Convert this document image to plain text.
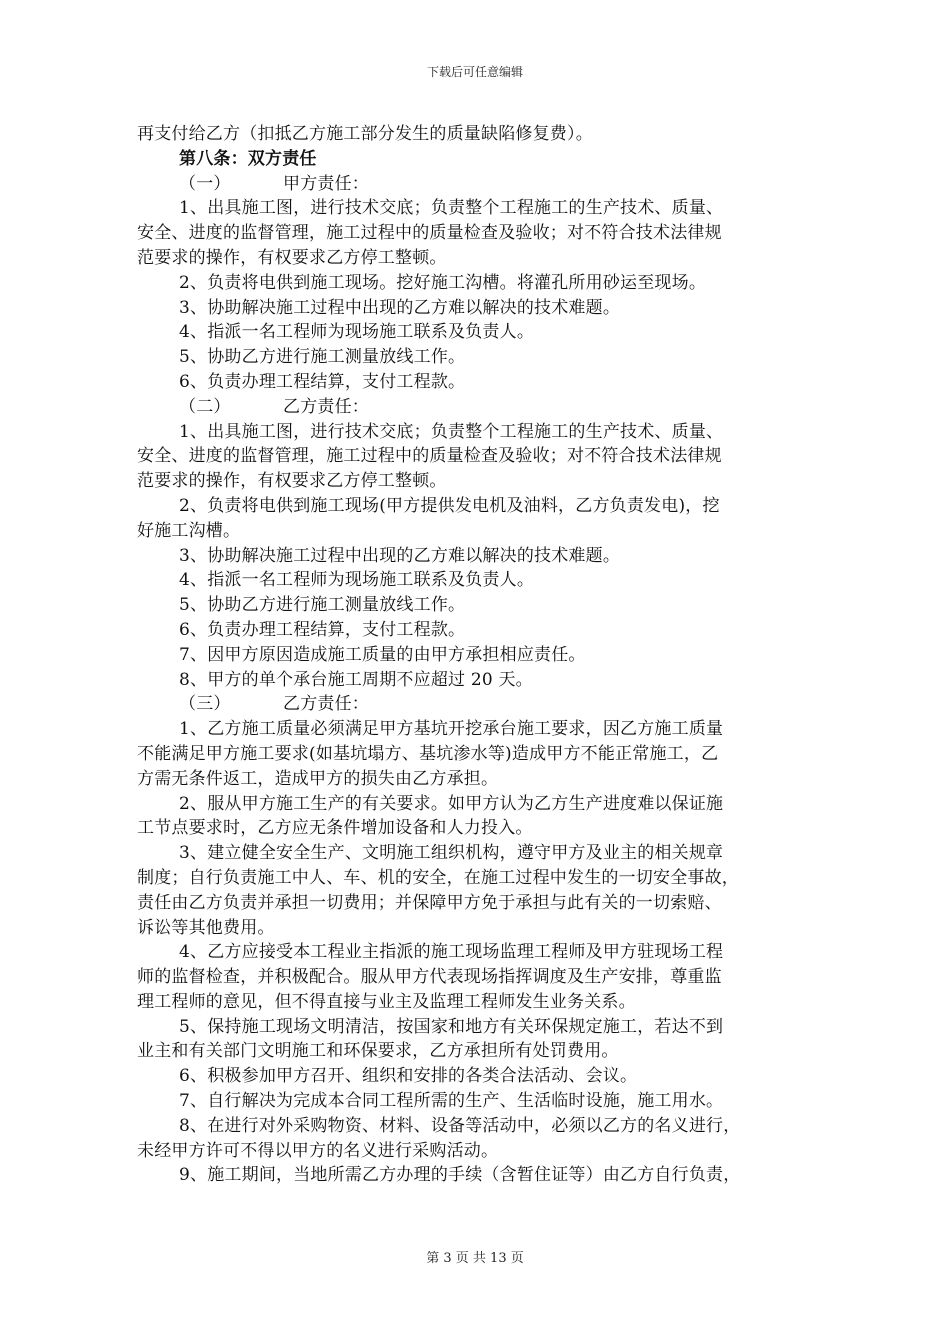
下载后可任意编辑
再支付给乙方（扣抵乙方施工部分发生的质量缺陷修复费）。
第八条：双方责任
（一）	甲方责任：
1、出具施工图，进行技术交底；负责整个工程施工的生产技术、质量、
安全、进度的监督管理，施工过程中的质量检查及验收；对不符合技术法律规
范要求的操作，有权要求乙方停工整顿。
2、负责将电供到施工现场。挖好施工沟槽。将灌孔所用砂运至现场。
3、协助解决施工过程中出现的乙方难以解决的技术难题。
4、指派一名工程师为现场施工联系及负责人。
5、协助乙方进行施工测量放线工作。
6、负责办理工程结算，支付工程款。
（二）	乙方责任：
1、出具施工图，进行技术交底；负责整个工程施工的生产技术、质量、
安全、进度的监督管理，施工过程中的质量检查及验收；对不符合技术法律规
范要求的操作，有权要求乙方停工整顿。
2、负责将电供到施工现场(甲方提供发电机及油料，乙方负责发电)，挖
好施工沟槽。
3、协助解决施工过程中出现的乙方难以解决的技术难题。
4、指派一名工程师为现场施工联系及负责人。
5、协助乙方进行施工测量放线工作。
6、负责办理工程结算，支付工程款。
7、因甲方原因造成施工质量的由甲方承担相应责任。
8、甲方的单个承台施工周期不应超过 20 天。
（三）	乙方责任：
1、乙方施工质量必须满足甲方基坑开挖承台施工要求，因乙方施工质量
不能满足甲方施工要求(如基坑塌方、基坑渗水等)造成甲方不能正常施工，乙
方需无条件返工，造成甲方的损失由乙方承担。
2、服从甲方施工生产的有关要求。如甲方认为乙方生产进度难以保证施
工节点要求时，乙方应无条件增加设备和人力投入。
3、建立健全安全生产、文明施工组织机构，遵守甲方及业主的相关规章
制度；自行负责施工中人、车、机的安全，在施工过程中发生的一切安全事故，
责任由乙方负责并承担一切费用；并保障甲方免于承担与此有关的一切索赔、
诉讼等其他费用。
4、乙方应接受本工程业主指派的施工现场监理工程师及甲方驻现场工程
师的监督检查，并积极配合。服从甲方代表现场指挥调度及生产安排，尊重监
理工程师的意见，但不得直接与业主及监理工程师发生业务关系。
5、保持施工现场文明清洁，按国家和地方有关环保规定施工，若达不到
业主和有关部门文明施工和环保要求，乙方承担所有处罚费用。
6、积极参加甲方召开、组织和安排的各类合法活动、会议。
7、自行解决为完成本合同工程所需的生产、生活临时设施，施工用水。
8、在进行对外采购物资、材料、设备等活动中，必须以乙方的名义进行，
未经甲方许可不得以甲方的名义进行采购活动。
9、施工期间，当地所需乙方办理的手续（含暂住证等）由乙方自行负责，
第 3 页 共 13 页
